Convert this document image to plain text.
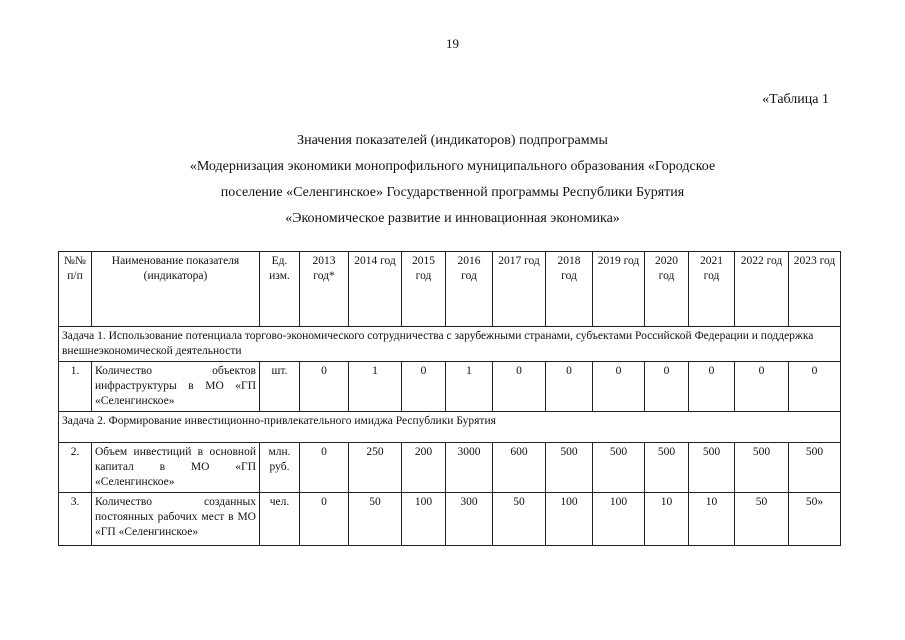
19
«Таблица 1
Значения показателей (индикаторов) подпрограммы
«Модернизация экономики монопрофильного муниципального образования «Городское
поселение «Селенгинское» Государственной программы Республики Бурятия
«Экономическое развитие и инновационная экономика»
№№ п/п	Наименование показателя (индикатора)	Ед. изм.	2013 год*	2014 год	2015 год	2016 год	2017 год	2018 год	2019 год	2020 год	2021 год	2022 год	2023 год
Задача 1. Использование потенциала торгово-экономического сотрудничества с зарубежными странами, субъектами Российской Федерации и поддержка внешнеэкономической деятельности													
1.	Количество объектов инфраструктуры в МО «ГП «Селенгинское»	шт.	0	1	0	1	0	0	0	0	0	0	0
Задача 2. Формирование инвестиционно-привлекательного имиджа Республики Бурятия													
2.	Объем инвестиций в основной капитал в МО «ГП «Селенгинское»	млн. руб.	0	250	200	3000	600	500	500	500	500	500	500
3.	Количество созданных постоянных рабочих мест в МО «ГП «Селенгинское»	чел.	0	50	100	300	50	100	100	10	10	50	50»
